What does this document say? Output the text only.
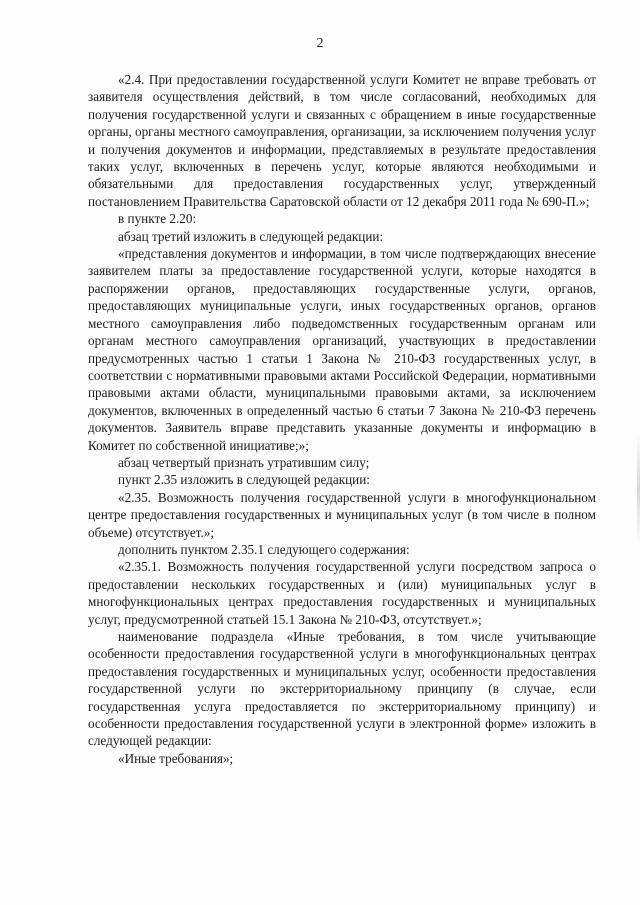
2

«2.4. При предоставлении государственной услуги Комитет не вправе требовать от заявителя осуществления действий, в том числе согласований, необходимых для получения государственной услуги и связанных с обращением в иные государственные органы, органы местного самоуправления, организации, за исключением получения услуг и получения документов и информации, представляемых в результате предоставления таких услуг, включенных в перечень услуг, которые являются необходимыми и обязательными для предоставления государственных услуг, утвержденный постановлением Правительства Саратовской области от 12 декабря 2011 года № 690-П.»;

в пункте 2.20:

абзац третий изложить в следующей редакции:

«представления документов и информации, в том числе подтверждающих внесение заявителем платы за предоставление государственной услуги, которые находятся в распоряжении органов, предоставляющих государственные услуги, органов, предоставляющих муниципальные услуги, иных государственных органов, органов местного самоуправления либо подведомственных государственным органам или органам местного самоуправления организаций, участвующих в предоставлении предусмотренных частью 1 статьи 1 Закона № 210-ФЗ государственных услуг, в соответствии с нормативными правовыми актами Российской Федерации, нормативными правовыми актами области, муниципальными правовыми актами, за исключением документов, включенных в определенный частью 6 статьи 7 Закона № 210-ФЗ перечень документов. Заявитель вправе представить указанные документы и информацию в Комитет по собственной инициативе;»;

абзац четвертый признать утратившим силу;

пункт 2.35 изложить в следующей редакции:

«2.35. Возможность получения государственной услуги в многофункциональном центре предоставления государственных и муниципальных услуг (в том числе в полном объеме) отсутствует.»;

дополнить пунктом 2.35.1 следующего содержания:

«2.35.1. Возможность получения государственной услуги посредством запроса о предоставлении нескольких государственных и (или) муниципальных услуг в многофункциональных центрах предоставления государственных и муниципальных услуг, предусмотренной статьей 15.1 Закона № 210-ФЗ, отсутствует.»;

наименование подраздела «Иные требования, в том числе учитывающие особенности предоставления государственной услуги в многофункциональных центрах предоставления государственных и муниципальных услуг, особенности предоставления государственной услуги по экстерриториальному принципу (в случае, если государственная услуга предоставляется по экстерриториальному принципу) и особенности предоставления государственной услуги в электронной форме» изложить в следующей редакции:

«Иные требования»;
